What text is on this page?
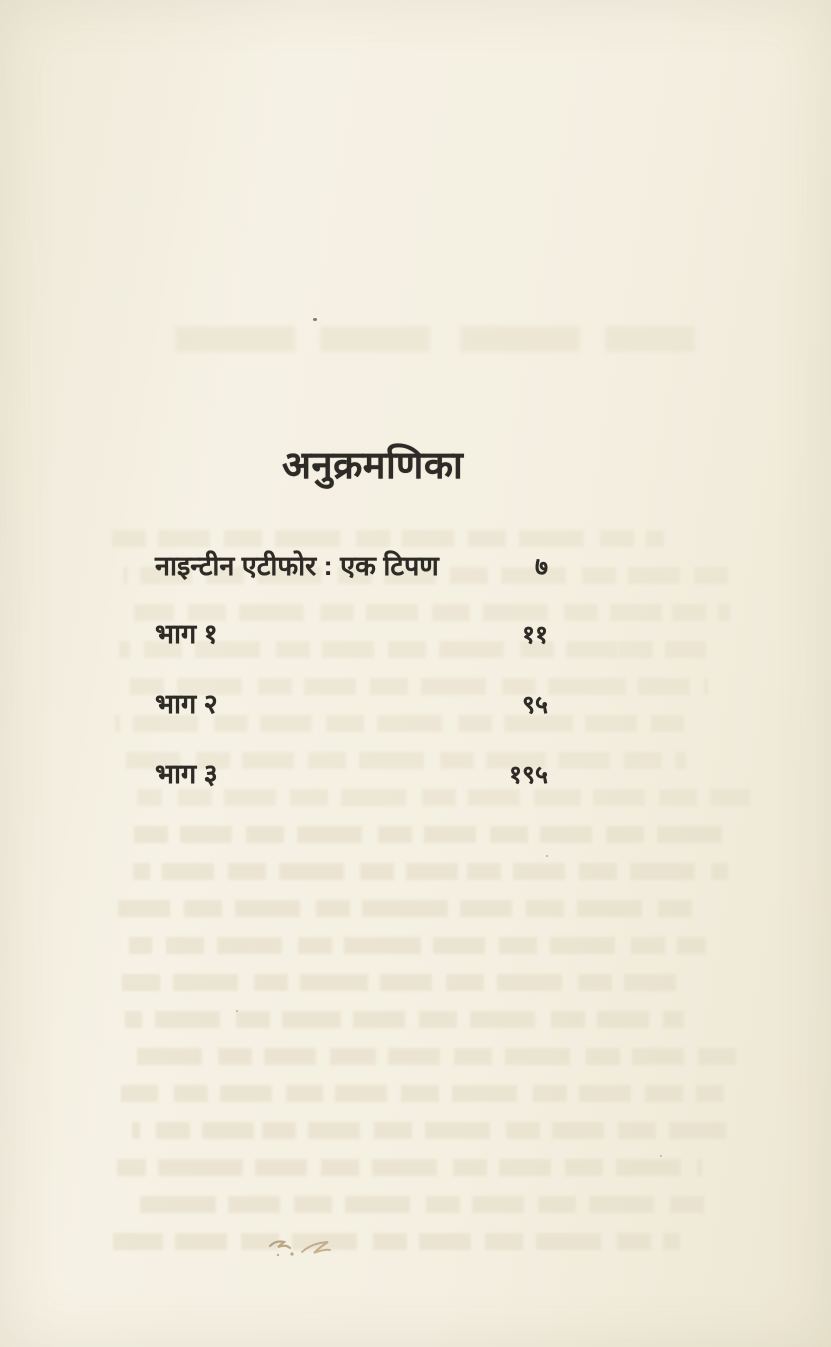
अनुक्रमणिका
नाइन्टीन एटीफोर : एक टिपण	७
भाग १	११
भाग २	९५
भाग ३	१९५
